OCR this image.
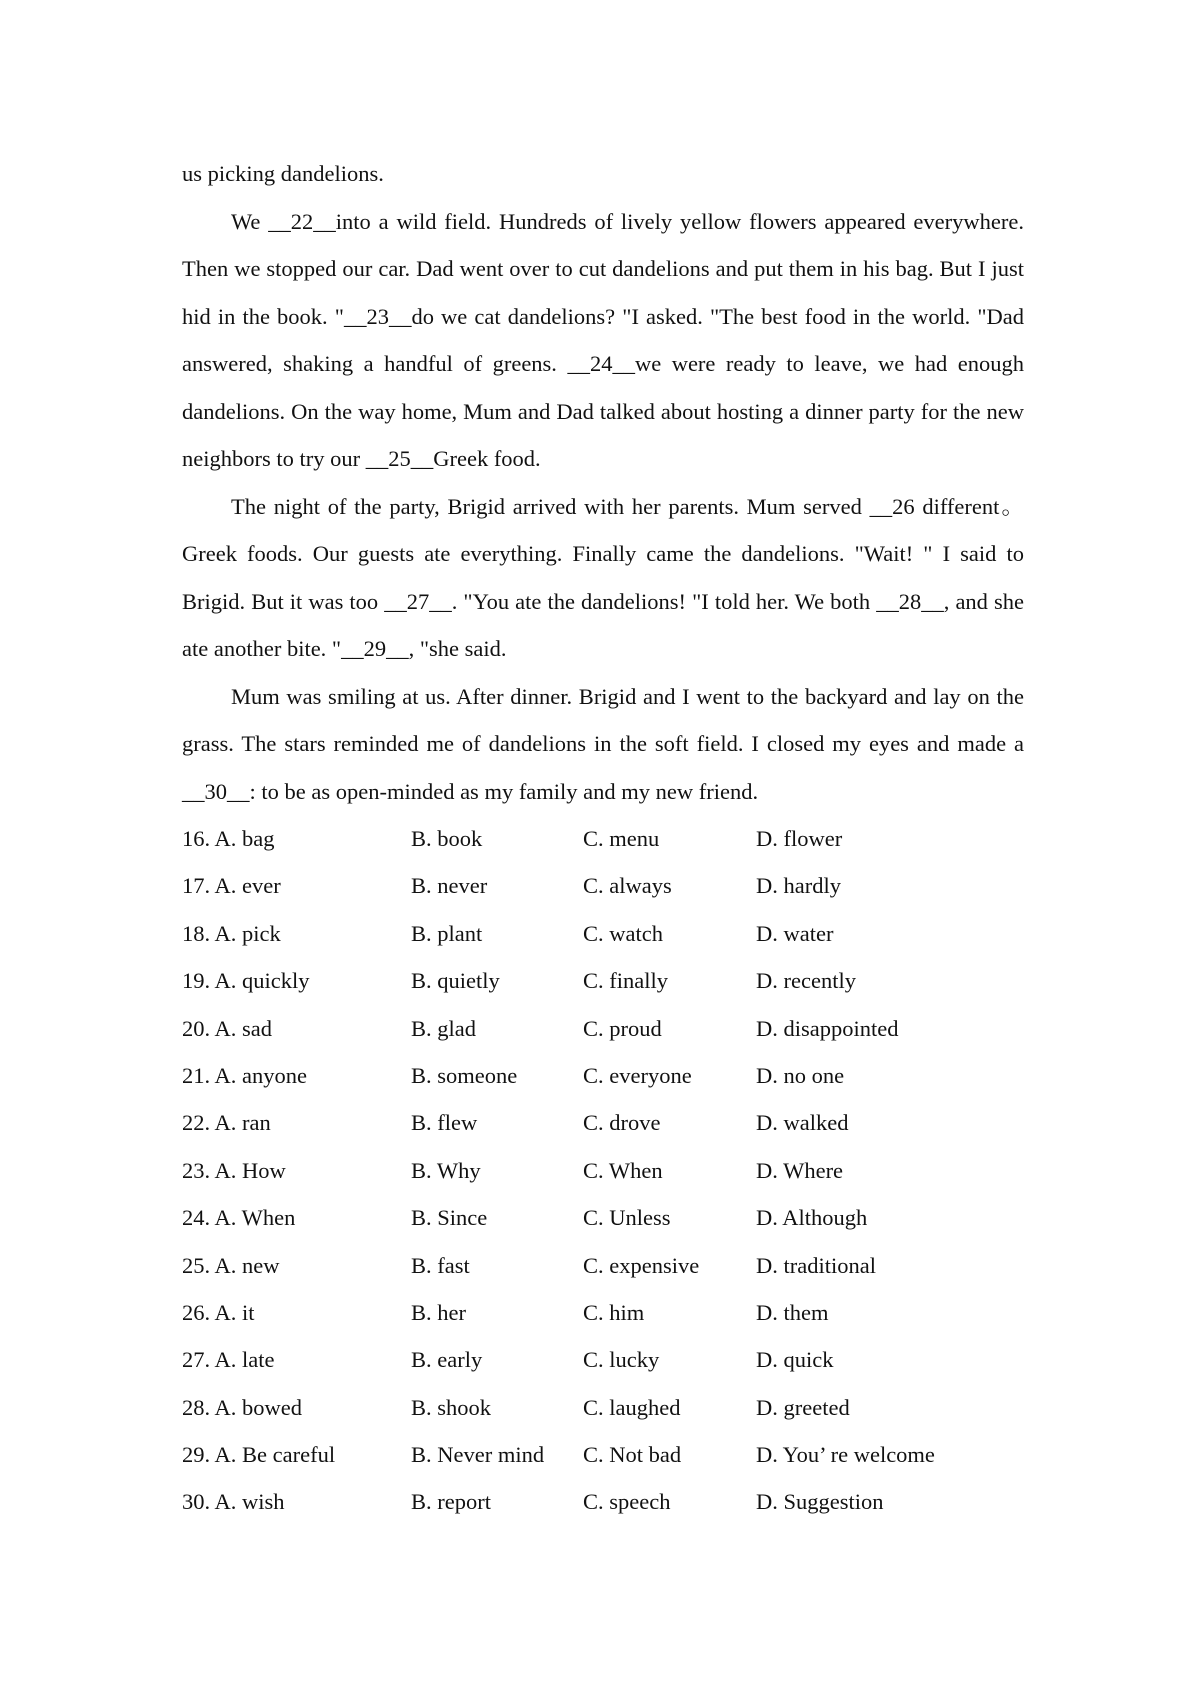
us picking dandelions.

We __22__into a wild field. Hundreds of lively yellow flowers appeared everywhere. Then we stopped our car. Dad went over to cut dandelions and put them in his bag. But I just hid in the book. "__23__do we cat dandelions? "I asked. "The best food in the world. "Dad answered, shaking a handful of greens. __24__we were ready to leave, we had enough dandelions. On the way home, Mum and Dad talked about hosting a dinner party for the new neighbors to try our __25__Greek food.

The night of the party, Brigid arrived with her parents. Mum served __26 different。Greek foods. Our guests ate everything. Finally came the dandelions. "Wait! " I said to Brigid. But it was too __27__. "You ate the dandelions! "I told her. We both __28__, and she ate another bite. "__29__, "she said.

Mum was smiling at us. After dinner. Brigid and I went to the backyard and lay on the grass. The stars reminded me of dandelions in the soft field. I closed my eyes and made a __30__: to be as open-minded as my family and my new friend.

16. A. bag	B. book	C. menu	D. flower
17. A. ever	B. never	C. always	D. hardly
18. A. pick	B. plant	C. watch	D. water
19. A. quickly	B. quietly	C. finally	D. recently
20. A. sad	B. glad	C. proud	D. disappointed
21. A. anyone	B. someone	C. everyone	D. no one
22. A. ran	B. flew	C. drove	D. walked
23. A. How	B. Why	C. When	D. Where
24. A. When	B. Since	C. Unless	D. Although
25. A. new	B. fast	C. expensive	D. traditional
26. A. it	B. her	C. him	D. them
27. A. late	B. early	C. lucky	D. quick
28. A. bowed	B. shook	C. laughed	D. greeted
29. A. Be careful	B. Never mind C. Not bad	D. You’ re welcome
30. A. wish	B. report	C. speech	D. Suggestion
